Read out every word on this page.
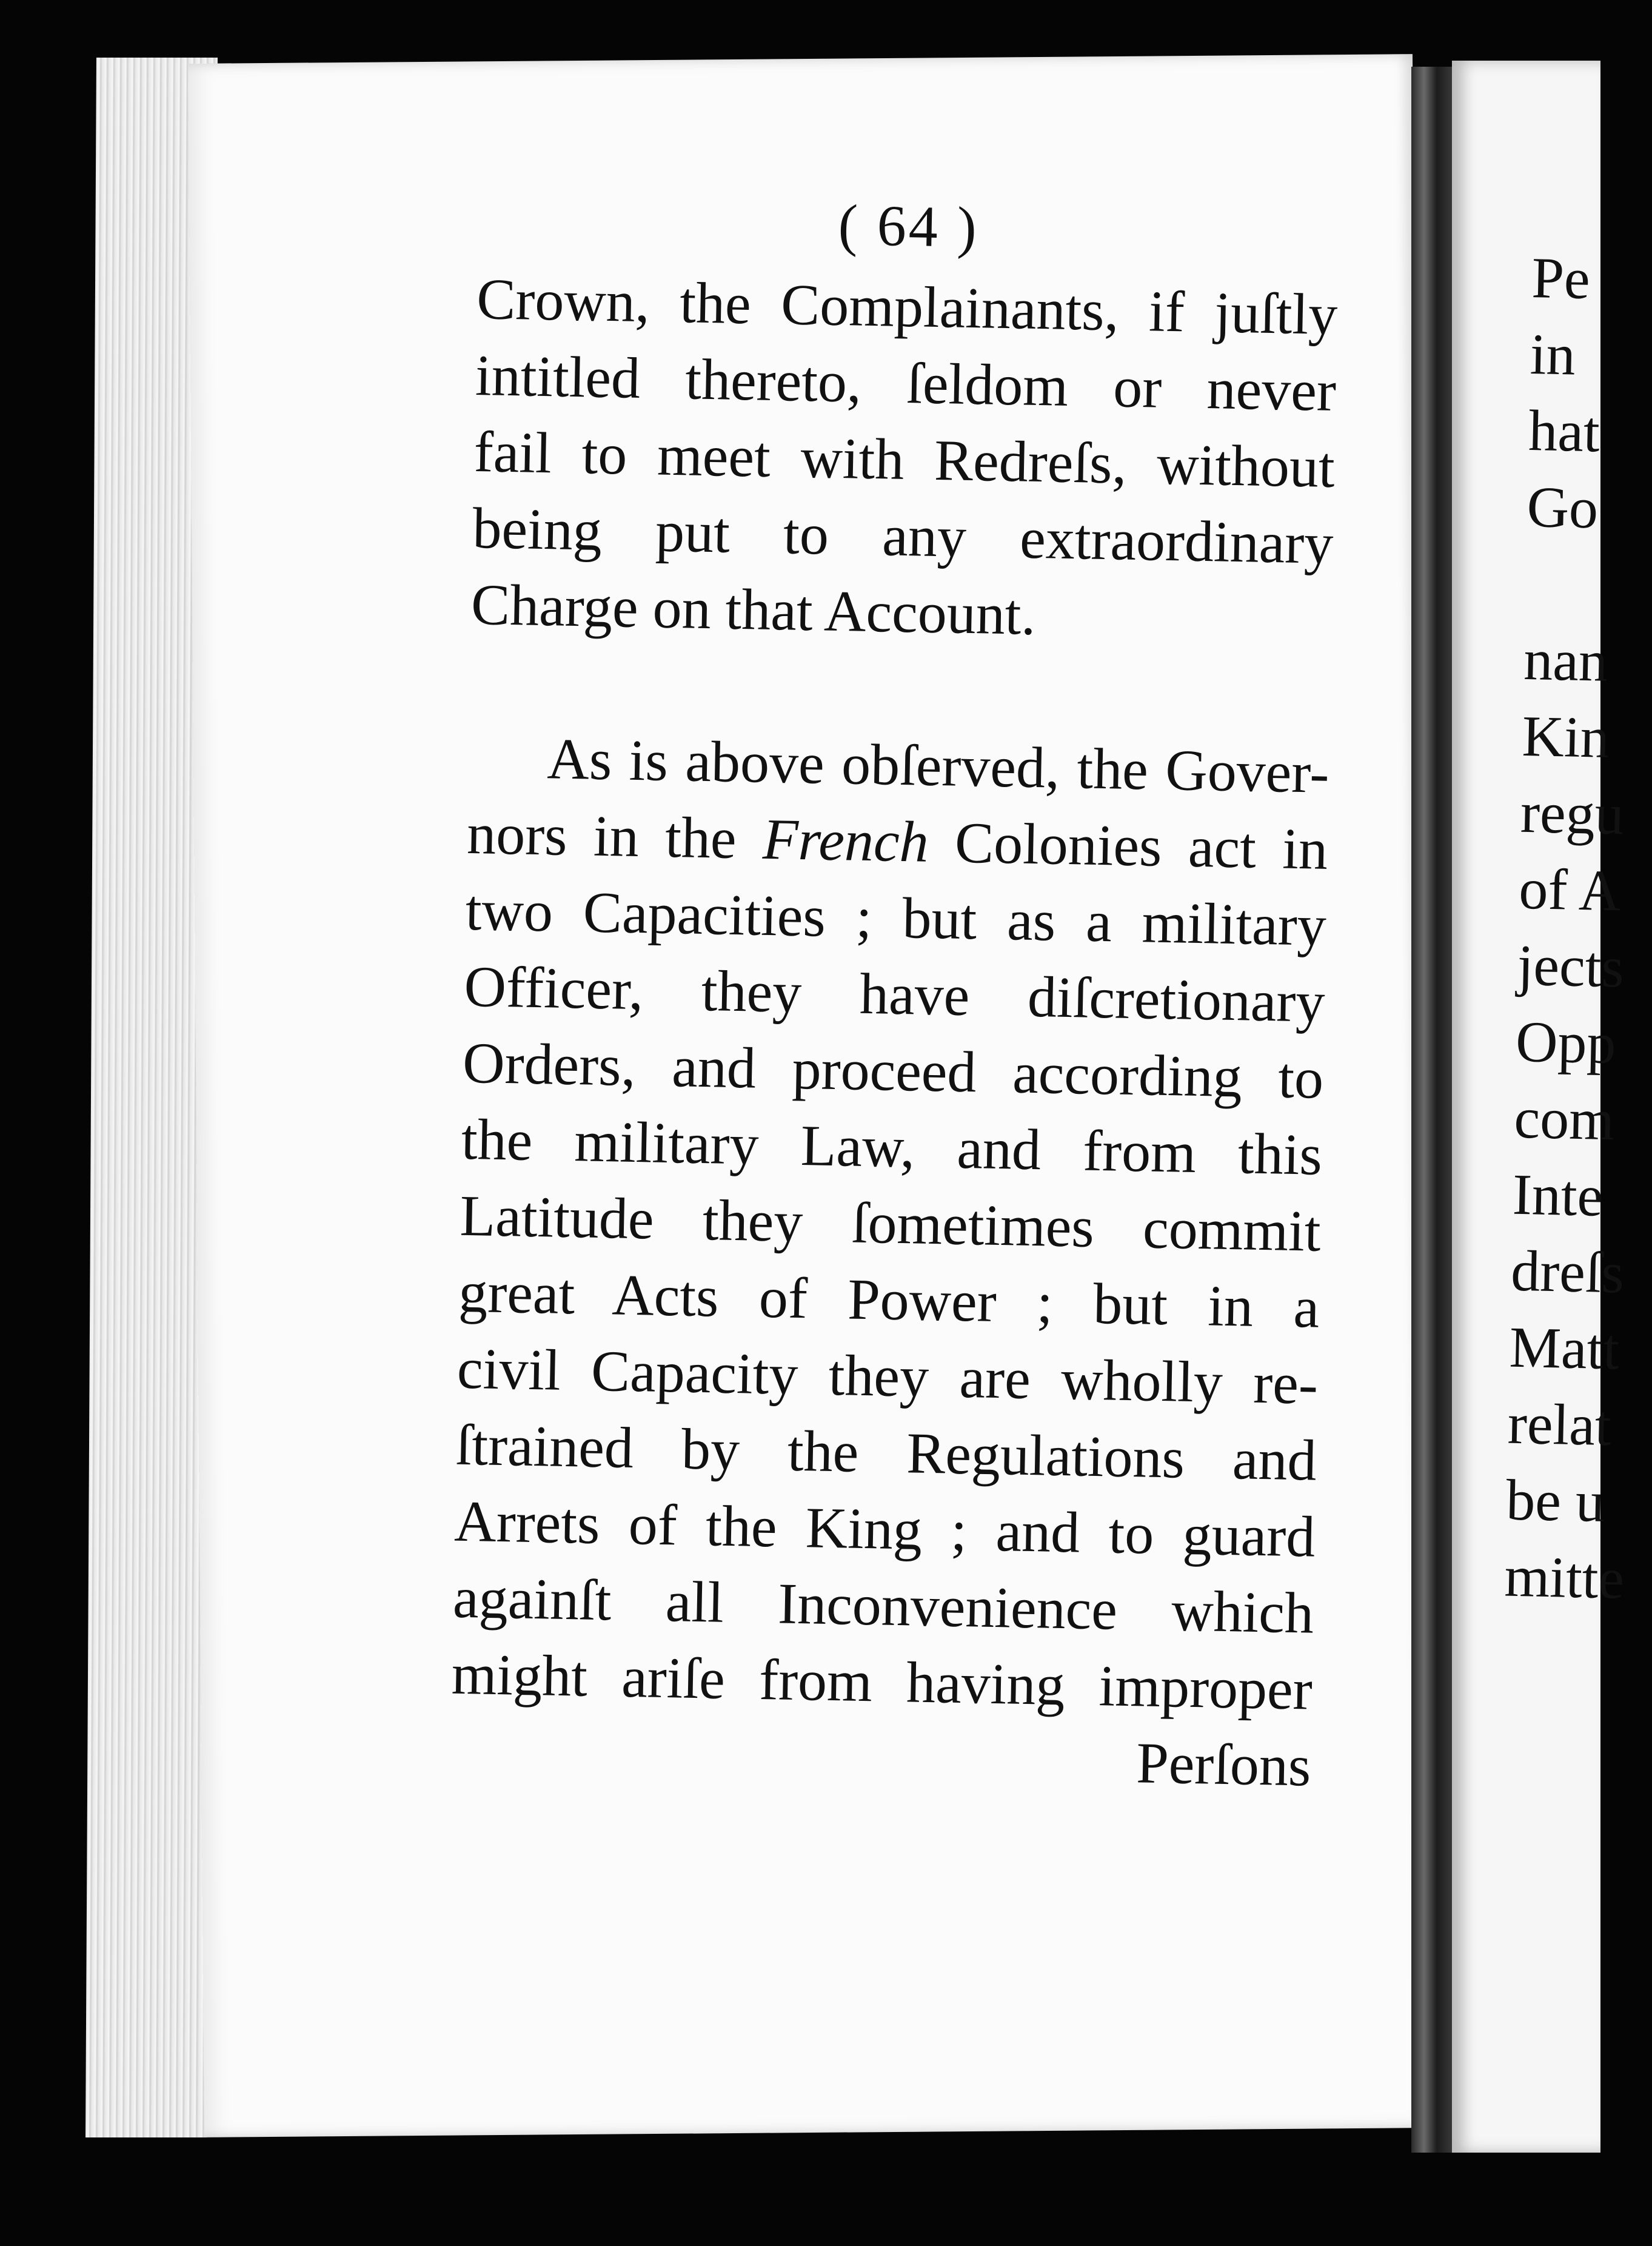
( 64 )
Crown, the Complainants, if juſtly
intitled thereto, ſeldom or never
fail to meet with Redreſs, without
being put to any extraordinary
Charge on that Account.
As is above obſerved, the Gover-
nors in the French Colonies act in
two Capacities ; but as a military
Officer, they have diſcretionary
Orders, and proceed according to
the military Law, and from this
Latitude they ſometimes commit
great Acts of Power ; but in a
civil Capacity they are wholly re-
ſtrained by the Regulations and
Arrets of the King ; and to guard
againſt all Inconvenience which
might ariſe from having improper
Perſons
Pe
in
hat
Go
nan
Kin
regu
of A
jects
Opp
com
Inte
dreſs
Matt
relat
be u
mitte
